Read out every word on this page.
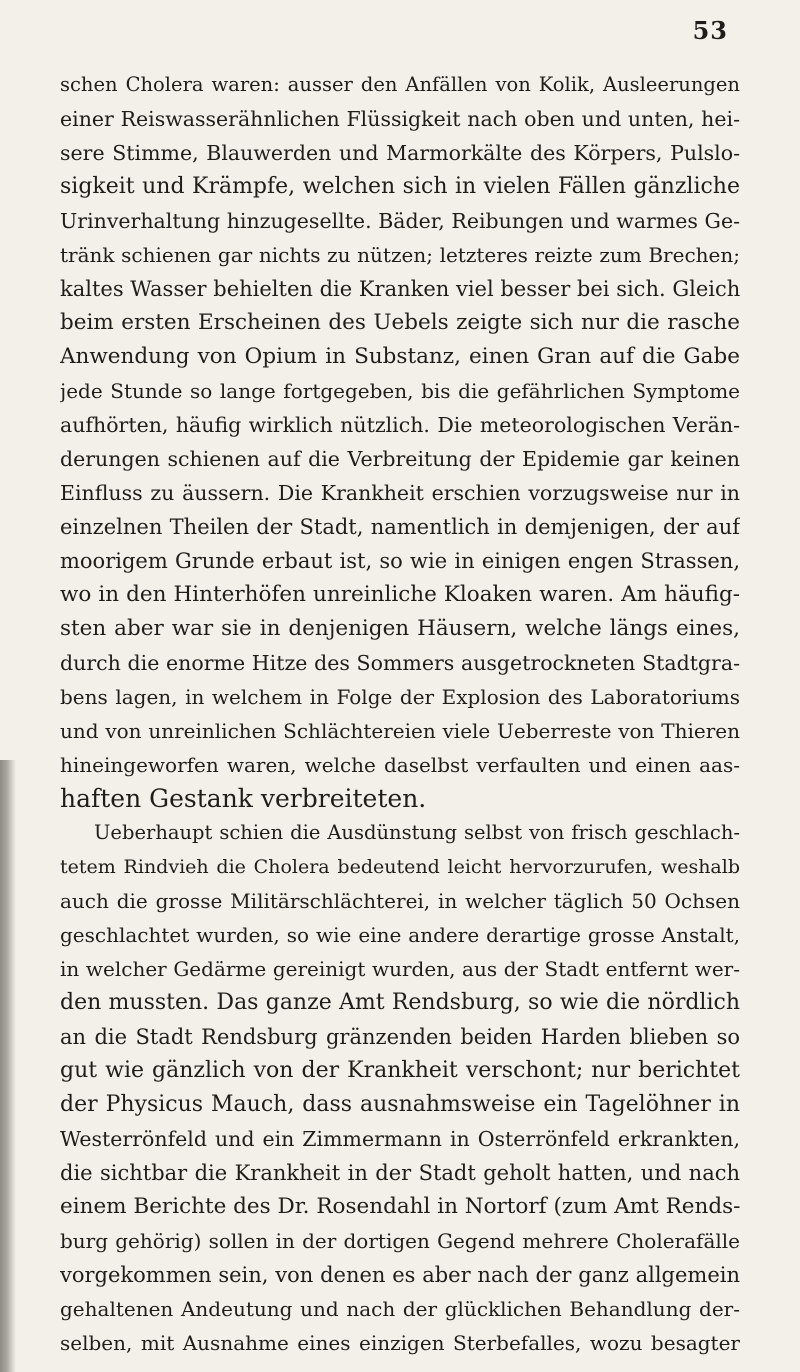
53
schen Cholera waren: ausser den Anfällen von Kolik, Ausleerungen
einer Reiswasserähnlichen Flüssigkeit nach oben und unten, hei-
sere Stimme, Blauwerden und Marmorkälte des Körpers, Pulslo-
sigkeit und Krämpfe, welchen sich in vielen Fällen gänzliche
Urinverhaltung hinzugesellte. Bäder, Reibungen und warmes Ge-
tränk schienen gar nichts zu nützen; letzteres reizte zum Brechen;
kaltes Wasser behielten die Kranken viel besser bei sich. Gleich
beim ersten Erscheinen des Uebels zeigte sich nur die rasche
Anwendung von Opium in Substanz, einen Gran auf die Gabe
jede Stunde so lange fortgegeben, bis die gefährlichen Symptome
aufhörten, häufig wirklich nützlich. Die meteorologischen Verän-
derungen schienen auf die Verbreitung der Epidemie gar keinen
Einfluss zu äussern. Die Krankheit erschien vorzugsweise nur in
einzelnen Theilen der Stadt, namentlich in demjenigen, der auf
moorigem Grunde erbaut ist, so wie in einigen engen Strassen,
wo in den Hinterhöfen unreinliche Kloaken waren. Am häufig-
sten aber war sie in denjenigen Häusern, welche längs eines,
durch die enorme Hitze des Sommers ausgetrockneten Stadtgra-
bens lagen, in welchem in Folge der Explosion des Laboratoriums
und von unreinlichen Schlächtereien viele Ueberreste von Thieren
hineingeworfen waren, welche daselbst verfaulten und einen aas-
haften Gestank verbreiteten.
Ueberhaupt schien die Ausdünstung selbst von frisch geschlach-
tetem Rindvieh die Cholera bedeutend leicht hervorzurufen, weshalb
auch die grosse Militärschlächterei, in welcher täglich 50 Ochsen
geschlachtet wurden, so wie eine andere derartige grosse Anstalt,
in welcher Gedärme gereinigt wurden, aus der Stadt entfernt wer-
den mussten. Das ganze Amt Rendsburg, so wie die nördlich
an die Stadt Rendsburg gränzenden beiden Harden blieben so
gut wie gänzlich von der Krankheit verschont; nur berichtet
der Physicus Mauch, dass ausnahmsweise ein Tagelöhner in
Westerrönfeld und ein Zimmermann in Osterrönfeld erkrankten,
die sichtbar die Krankheit in der Stadt geholt hatten, und nach
einem Berichte des Dr. Rosendahl in Nortorf (zum Amt Rends-
burg gehörig) sollen in der dortigen Gegend mehrere Cholerafälle
vorgekommen sein, von denen es aber nach der ganz allgemein
gehaltenen Andeutung und nach der glücklichen Behandlung der-
selben, mit Ausnahme eines einzigen Sterbefalles, wozu besagter
